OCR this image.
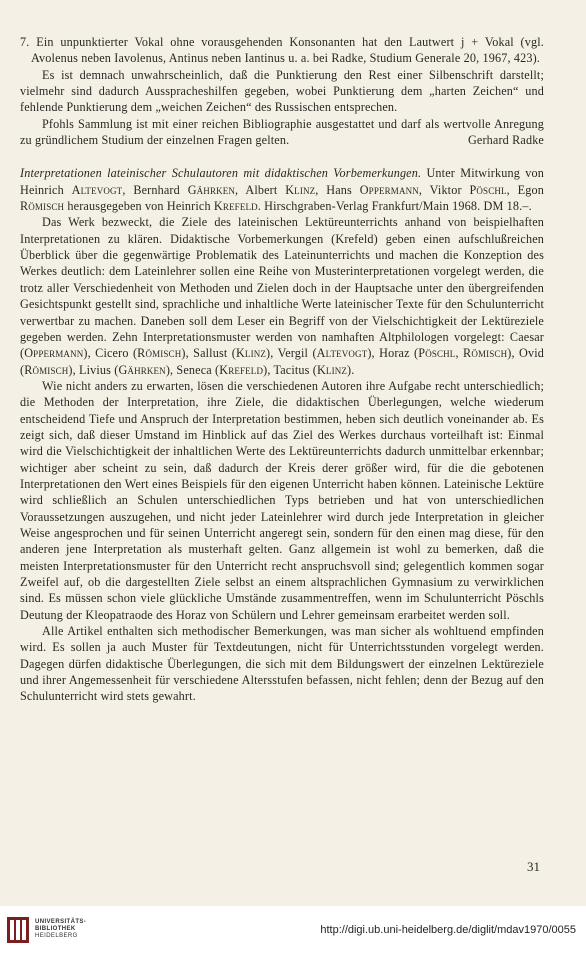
7. Ein unpunktierter Vokal ohne vorausgehenden Konsonanten hat den Lautwert j + Vokal (vgl. Avolenus neben Iavolenus, Antinus neben Iantinus u. a. bei Radke, Studium Generale 20, 1967, 423).

Es ist demnach unwahrscheinlich, daß die Punktierung den Rest einer Silbenschrift darstellt; vielmehr sind dadurch Ausspracheshilfen gegeben, wobei Punktierung dem „harten Zeichen“ und fehlende Punktierung dem „weichen Zeichen“ des Russischen entsprechen.

Pfohls Sammlung ist mit einer reichen Bibliographie ausgestattet und darf als wertvolle Anregung zu gründlichem Studium der einzelnen Fragen gelten.	Gerhard Radke

Interpretationen lateinischer Schulautoren mit didaktischen Vorbemerkungen. Unter Mitwirkung von Heinrich Altevogt, Bernhard Gährken, Albert Klinz, Hans Oppermann, Viktor Pöschl, Egon Römisch herausgegeben von Heinrich Krefeld. Hirschgraben-Verlag Frankfurt/Main 1968. DM 18.–.

Das Werk bezweckt, die Ziele des lateinischen Lektüreunterrichts anhand von beispielhaften Interpretationen zu klären. Didaktische Vorbemerkungen (Krefeld) geben einen aufschlußreichen Überblick über die gegenwärtige Problematik des Lateinunterrichts und machen die Konzeption des Werkes deutlich: dem Lateinlehrer sollen eine Reihe von Musterinterpretationen vorgelegt werden, die trotz aller Verschiedenheit von Methoden und Zielen doch in der Hauptsache unter den übergreifenden Gesichtspunkt gestellt sind, sprachliche und inhaltliche Werte lateinischer Texte für den Schulunterricht verwertbar zu machen. Daneben soll dem Leser ein Begriff von der Vielschichtigkeit der Lektüreziele gegeben werden. Zehn Interpretationsmuster werden von namhaften Altphilologen vorgelegt: Caesar (Oppermann), Cicero (Römisch), Sallust (Klinz), Vergil (Altevogt), Horaz (Pöschl, Römisch), Ovid (Römisch), Livius (Gährken), Seneca (Krefeld), Tacitus (Klinz).

Wie nicht anders zu erwarten, lösen die verschiedenen Autoren ihre Aufgabe recht unterschiedlich; die Methoden der Interpretation, ihre Ziele, die didaktischen Überlegungen, welche wiederum entscheidend Tiefe und Anspruch der Interpretation bestimmen, heben sich deutlich voneinander ab. Es zeigt sich, daß dieser Umstand im Hinblick auf das Ziel des Werkes durchaus vorteilhaft ist: Einmal wird die Vielschichtigkeit der inhaltlichen Werte des Lektüreunterrichts dadurch unmittelbar erkennbar; wichtiger aber scheint zu sein, daß dadurch der Kreis derer größer wird, für die die gebotenen Interpretationen den Wert eines Beispiels für den eigenen Unterricht haben können. Lateinische Lektüre wird schließlich an Schulen unterschiedlichen Typs betrieben und hat von unterschiedlichen Voraussetzungen auszugehen, und nicht jeder Lateinlehrer wird durch jede Interpretation in gleicher Weise angesprochen und für seinen Unterricht angeregt sein, sondern für den einen mag diese, für den anderen jene Interpretation als musterhaft gelten. Ganz allgemein ist wohl zu bemerken, daß die meisten Interpretationsmuster für den Unterricht recht anspruchsvoll sind; gelegentlich kommen sogar Zweifel auf, ob die dargestellten Ziele selbst an einem altsprachlichen Gymnasium zu verwirklichen sind. Es müssen schon viele glückliche Umstände zusammentreffen, wenn im Schulunterricht Pöschls Deutung der Kleopatraode des Horaz von Schülern und Lehrer gemeinsam erarbeitet werden soll.

Alle Artikel enthalten sich methodischer Bemerkungen, was man sicher als wohltuend empfinden wird. Es sollen ja auch Muster für Textdeutungen, nicht für Unterrichtsstunden vorgelegt werden. Dagegen dürfen didaktische Überlegungen, die sich mit dem Bildungswert der einzelnen Lektüreziele und ihrer Angemessenheit für verschiedene Altersstufen befassen, nicht fehlen; denn der Bezug auf den Schulunterricht wird stets gewahrt.

31
UNIVERSITÄTS-
BIBLIOTHEK
HEIDELBERG	http://digi.ub.uni-heidelberg.de/diglit/mdav1970/0055
